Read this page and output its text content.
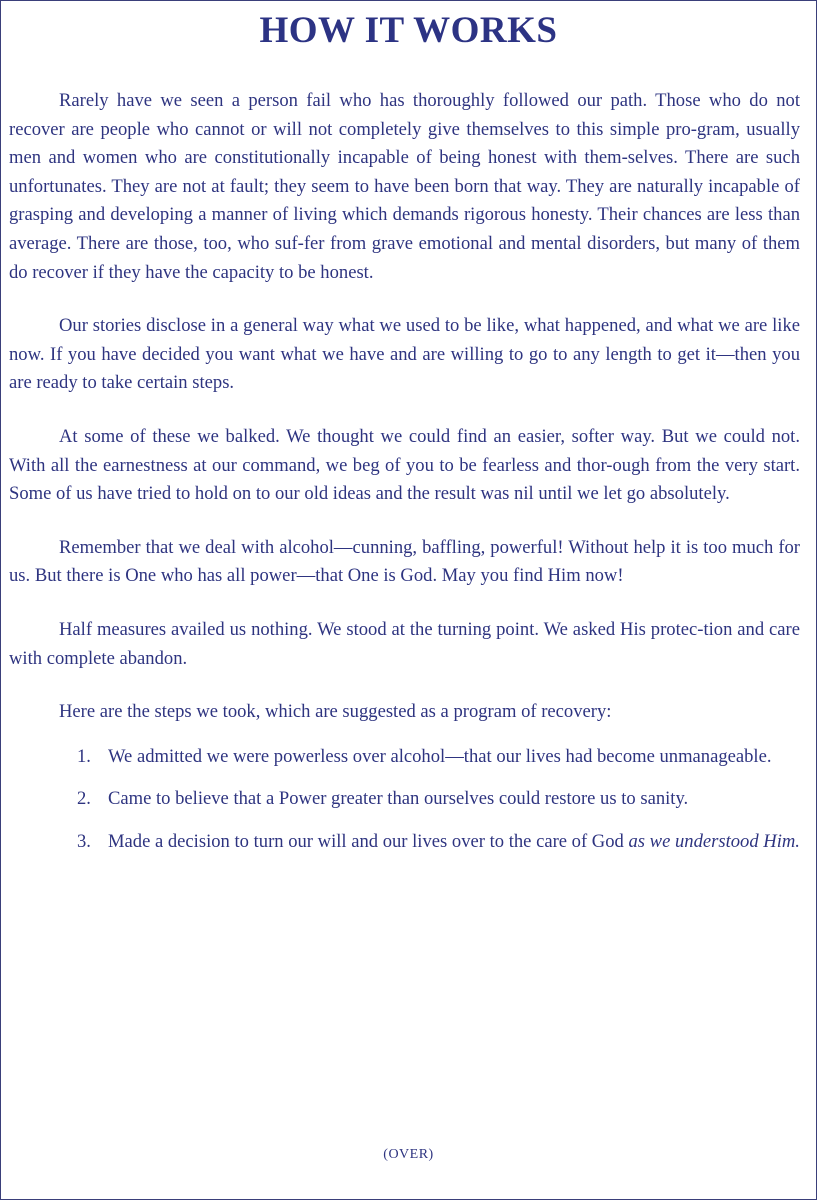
HOW IT WORKS

Rarely have we seen a person fail who has thoroughly followed our path. Those who do not recover are people who cannot or will not completely give themselves to this simple pro-gram, usually men and women who are constitutionally incapable of being honest with them-selves. There are such unfortunates. They are not at fault; they seem to have been born that way. They are naturally incapable of grasping and developing a manner of living which demands rigorous honesty. Their chances are less than average. There are those, too, who suf-fer from grave emotional and mental disorders, but many of them do recover if they have the capacity to be honest.

Our stories disclose in a general way what we used to be like, what happened, and what we are like now. If you have decided you want what we have and are willing to go to any length to get it—then you are ready to take certain steps.

At some of these we balked. We thought we could find an easier, softer way. But we could not. With all the earnestness at our command, we beg of you to be fearless and thor-ough from the very start. Some of us have tried to hold on to our old ideas and the result was nil until we let go absolutely.

Remember that we deal with alcohol—cunning, baffling, powerful! Without help it is too much for us. But there is One who has all power—that One is God. May you find Him now!

Half measures availed us nothing. We stood at the turning point. We asked His protec-tion and care with complete abandon.

Here are the steps we took, which are suggested as a program of recovery:

1. We admitted we were powerless over alcohol—that our lives had become unmanageable.
2. Came to believe that a Power greater than ourselves could restore us to sanity.
3. Made a decision to turn our will and our lives over to the care of God as we understood Him.
(OVER)
